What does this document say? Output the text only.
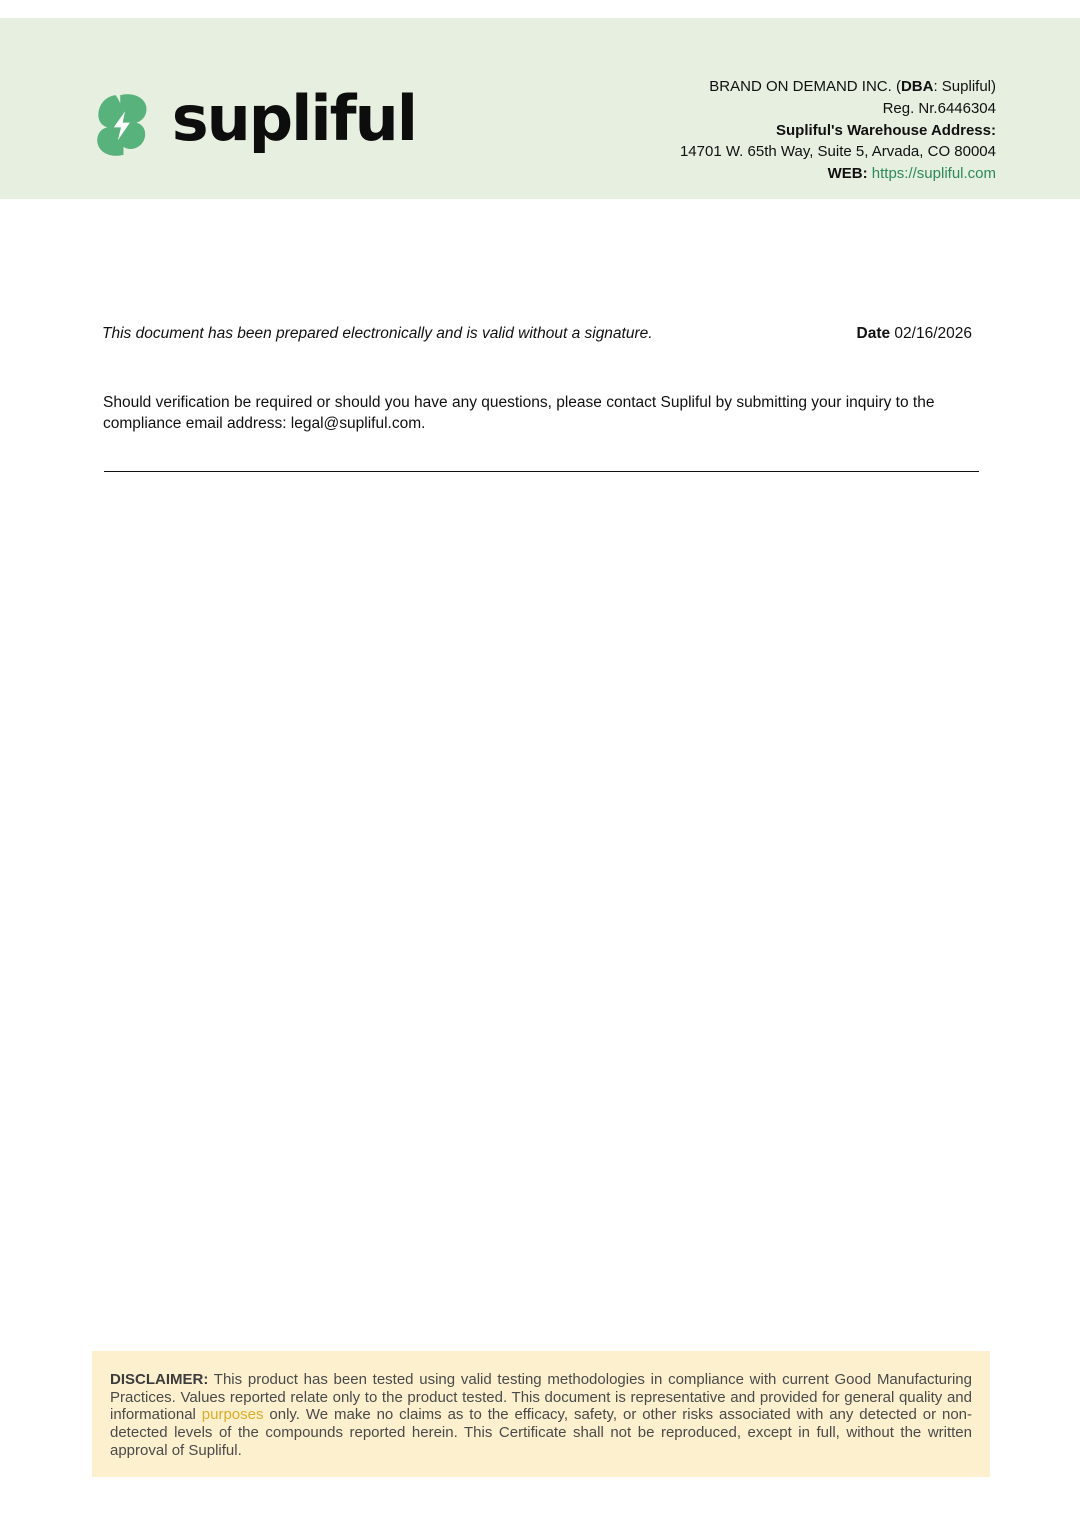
supliful	BRAND ON DEMAND INC. (DBA: Supliful)
Reg. Nr.6446304
Supliful's Warehouse Address:
14701 W. 65th Way, Suite 5, Arvada, CO 80004
WEB: https://supliful.com
This document has been prepared electronically and is valid without a signature.	Date 02/16/2026
Should verification be required or should you have any questions, please contact Supliful by submitting your inquiry to the compliance email address: legal@supliful.com.

DISCLAIMER: This product has been tested using valid testing methodologies in compliance with current Good Manufacturing Practices. Values reported relate only to the product tested. This document is representative and provided for general quality and informational purposes only. We make no claims as to the efficacy, safety, or other risks associated with any detected or non-detected levels of the compounds reported herein. This Certificate shall not be reproduced, except in full, without the written approval of Supliful.
